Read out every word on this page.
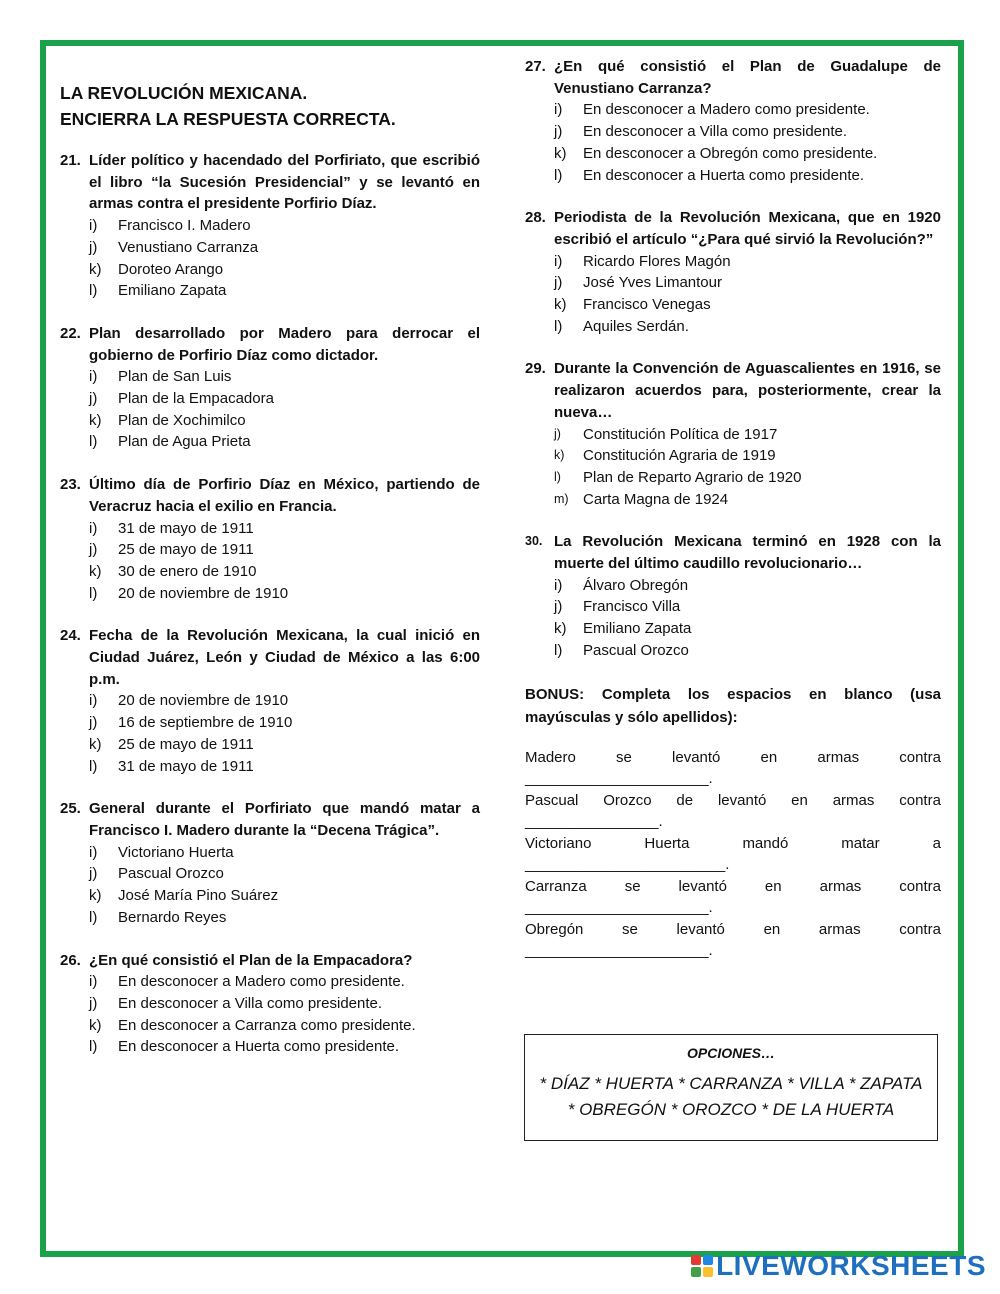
LA REVOLUCIÓN MEXICANA.
ENCIERRA LA RESPUESTA CORRECTA.
21. Líder político y hacendado del Porfiriato, que escribió el libro “la Sucesión Presidencial” y se levantó en armas contra el presidente Porfirio Díaz.
i)	Francisco I. Madero
j)	Venustiano Carranza
k)	Doroteo Arango
l)	Emiliano Zapata
22. Plan desarrollado por Madero para derrocar el gobierno de Porfirio Díaz como dictador.
i)	Plan de San Luis
j)	Plan de la Empacadora
k)	Plan de Xochimilco
l)	Plan de Agua Prieta
23. Último día de Porfirio Díaz en México, partiendo de Veracruz hacia el exilio en Francia.
i)	31 de mayo de 1911
j)	25 de mayo de 1911
k)	30 de enero de 1910
l)	20 de noviembre de 1910
24. Fecha de la Revolución Mexicana, la cual inició en Ciudad Juárez, León y Ciudad de México a las 6:00 p.m.
i)	20 de noviembre de 1910
j)	16 de septiembre de 1910
k)	25 de mayo de 1911
l)	31 de mayo de 1911
25. General durante el Porfiriato que mandó matar a Francisco I. Madero durante la “Decena Trágica”.
i)	Victoriano Huerta
j)	Pascual Orozco
k)	José María Pino Suárez
l)	Bernardo Reyes
26. ¿En qué consistió el Plan de la Empacadora?
i)	En desconocer a Madero como presidente.
j)	En desconocer a Villa como presidente.
k)	En desconocer a Carranza como presidente.
l)	En desconocer a Huerta como presidente.
27. ¿En qué consistió el Plan de Guadalupe de Venustiano Carranza?
i)	En desconocer a Madero como presidente.
j)	En desconocer a Villa como presidente.
k)	En desconocer a Obregón como presidente.
l)	En desconocer a Huerta como presidente.
28. Periodista de la Revolución Mexicana, que en 1920 escribió el artículo “¿Para qué sirvió la Revolución?”
i)	Ricardo Flores Magón
j)	José Yves Limantour
k)	Francisco Venegas
l)	Aquiles Serdán.
29. Durante la Convención de Aguascalientes en 1916, se realizaron acuerdos para, posteriormente, crear la nueva…
j)	Constitución Política de 1917
k)	Constitución Agraria de 1919
l)	Plan de Reparto Agrario de 1920
m) Carta Magna de 1924
30. La Revolución Mexicana terminó en 1928 con la muerte del último caudillo revolucionario…
i)	Álvaro Obregón
j)	Francisco Villa
k)	Emiliano Zapata
l)	Pascual Orozco
BONUS: Completa los espacios en blanco (usa mayúsculas y sólo apellidos):
Madero	se	levantó	en	armas	contra
______________________.
Pascual Orozco de levantó en armas contra
________________.
Victoriano	Huerta	mandó	matar	a
________________________.
Carranza	se	levantó	en	armas	contra
______________________.
Obregón	se	levantó	en	armas	contra
______________________.
OPCIONES…
* DÍAZ * HUERTA * CARRANZA * VILLA * ZAPATA
* OBREGÓN * OROZCO * DE LA HUERTA
LIVEWORKSHEETS
